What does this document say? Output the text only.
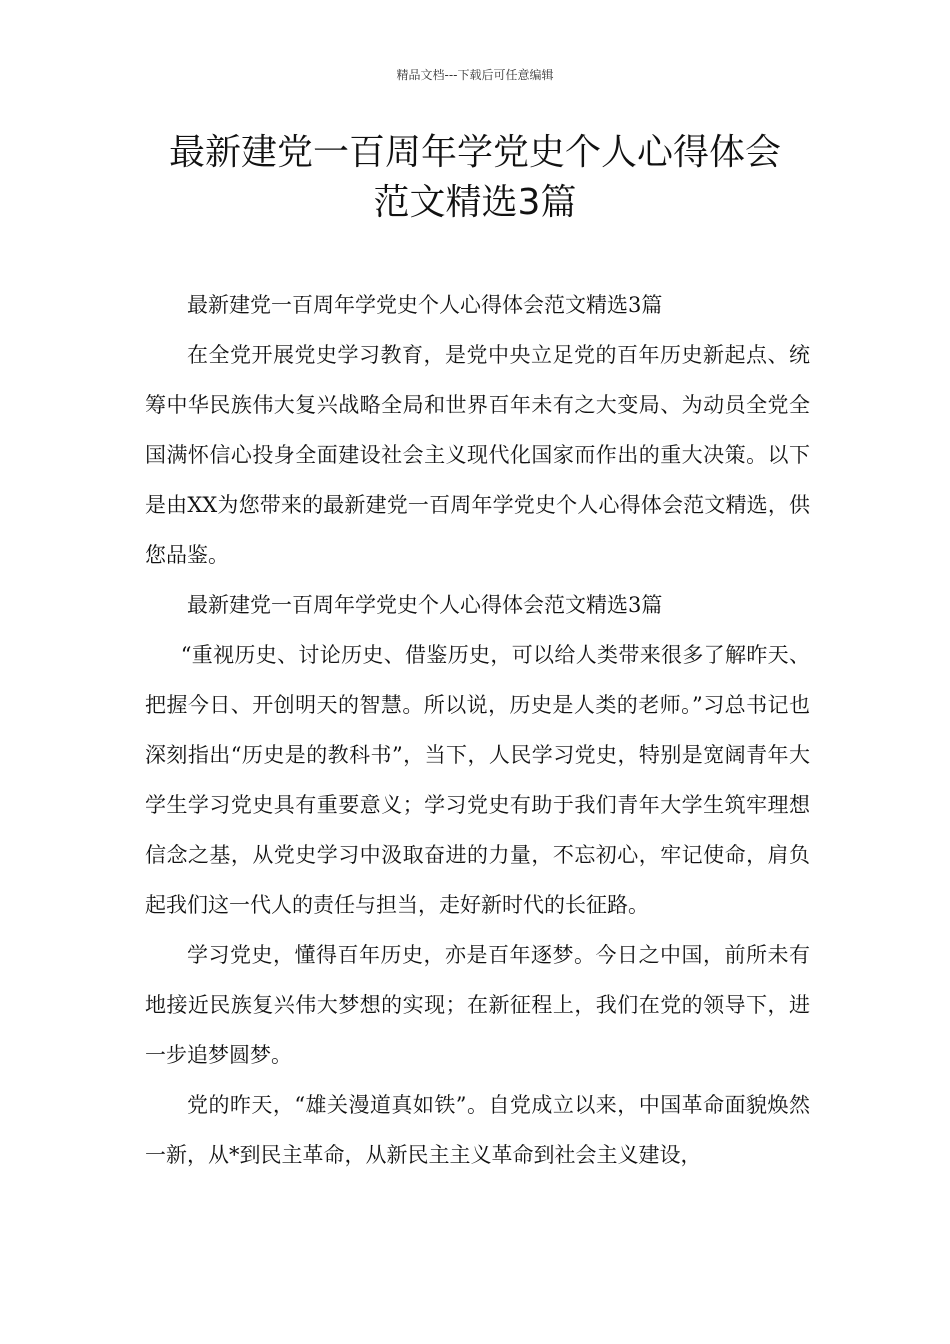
精品文档---下载后可任意编辑
最新建党一百周年学党史个人心得体会
范文精选3篇

最新建党一百周年学党史个人心得体会范文精选3篇

在全党开展党史学习教育，是党中央立足党的百年历史新起点、统筹中华民族伟大复兴战略全局和世界百年未有之大变局、为动员全党全国满怀信心投身全面建设社会主义现代化国家而作出的重大决策。以下是由XX为您带来的最新建党一百周年学党史个人心得体会范文精选，供您品鉴。

最新建党一百周年学党史个人心得体会范文精选3篇

“重视历史、讨论历史、借鉴历史，可以给人类带来很多了解昨天、把握今日、开创明天的智慧。所以说，历史是人类的老师。”习总书记也深刻指出“历史是的教科书”，当下，人民学习党史，特别是宽阔青年大学生学习党史具有重要意义；学习党史有助于我们青年大学生筑牢理想信念之基，从党史学习中汲取奋进的力量，不忘初心，牢记使命，肩负起我们这一代人的责任与担当，走好新时代的长征路。

学习党史，懂得百年历史，亦是百年逐梦。今日之中国，前所未有地接近民族复兴伟大梦想的实现；在新征程上，我们在党的领导下，进一步追梦圆梦。

党的昨天，“雄关漫道真如铁”。自党成立以来，中国革命面貌焕然一新，从*到民主革命，从新民主主义革命到社会主义建设，
